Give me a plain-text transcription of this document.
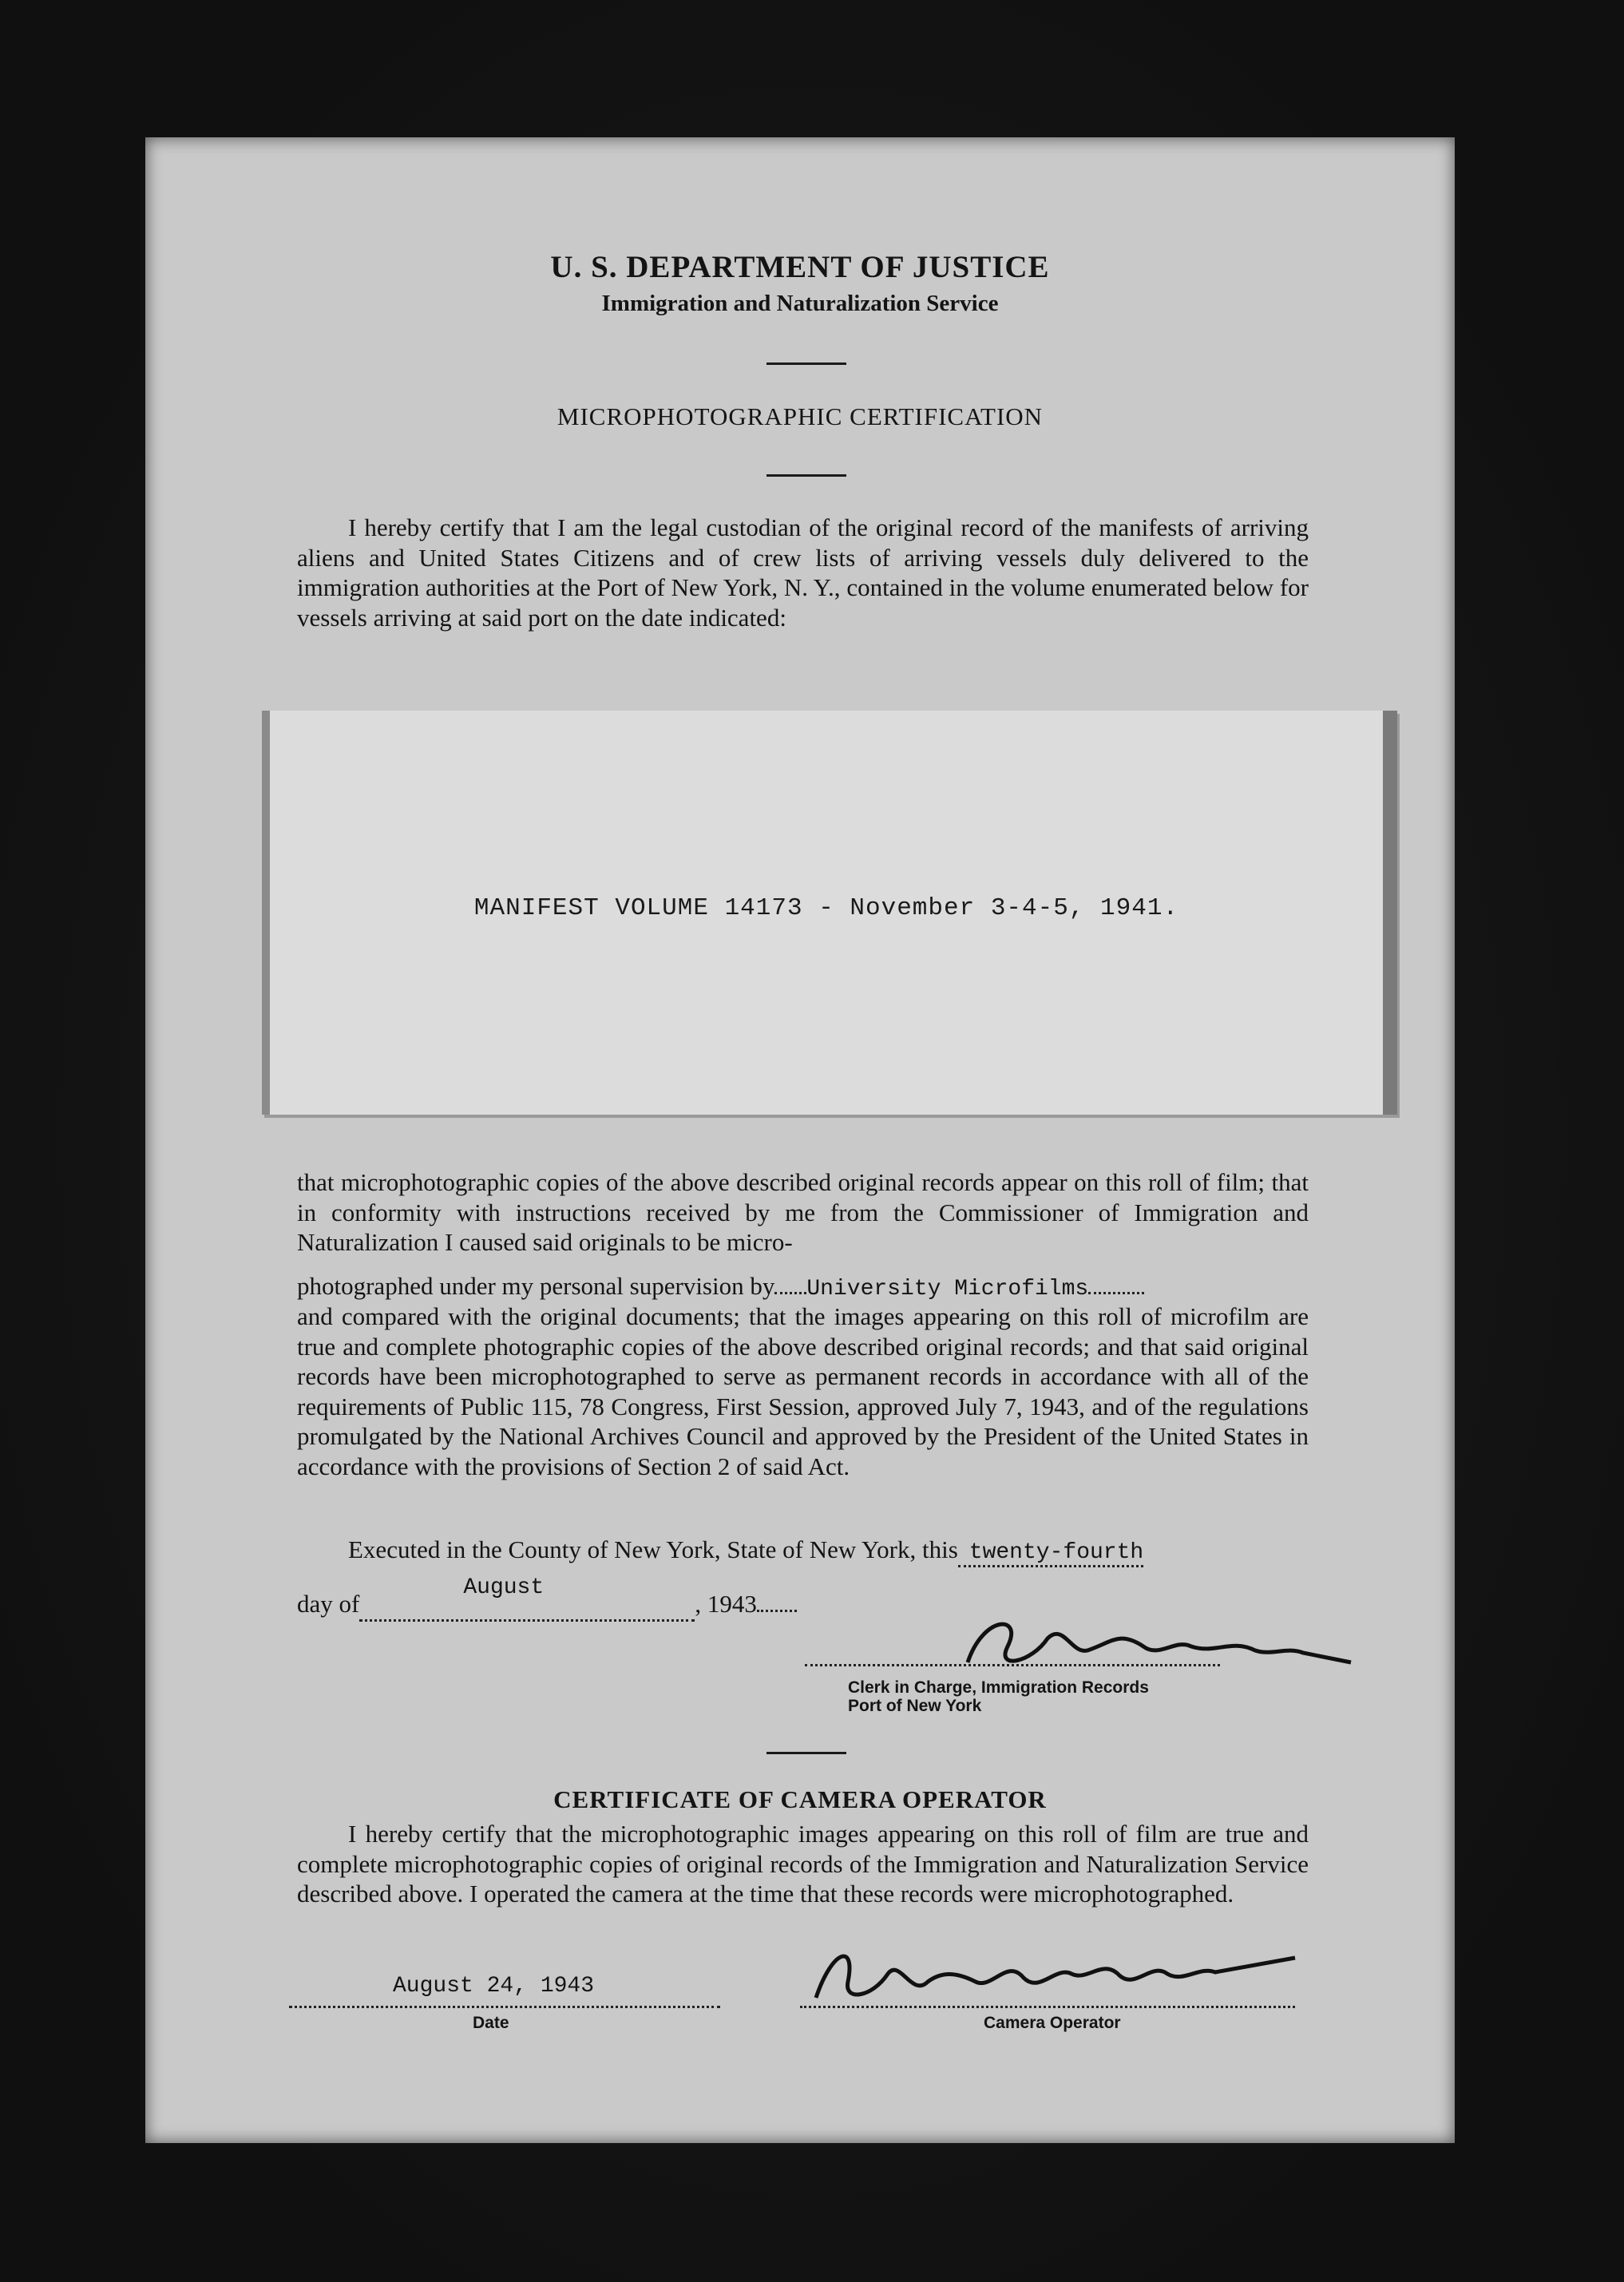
U. S. DEPARTMENT OF JUSTICE
Immigration and Naturalization Service
MICROPHOTOGRAPHIC CERTIFICATION
I hereby certify that I am the legal custodian of the original record of the manifests of arriving aliens and United States Citizens and of crew lists of arriving vessels duly delivered to the immigration authorities at the Port of New York, N. Y., contained in the volume enumerated below for vessels arriving at said port on the date indicated:
MANIFEST VOLUME 14173 - November 3-4-5, 1941.
that microphotographic copies of the above described original records appear on this roll of film; that in conformity with instructions received by me from the Commissioner of Immigration and Naturalization I caused said originals to be micro-
photographed under my personal supervision by University Microfilms
and compared with the original documents; that the images appearing on this roll of microfilm are true and complete photographic copies of the above described original records; and that said original records have been microphotographed to serve as permanent records in accordance with all of the requirements of Public 115, 78 Congress, First Session, approved July 7, 1943, and of the regulations promulgated by the National Archives Council and approved by the President of the United States in accordance with the provisions of Section 2 of said Act.
Executed in the County of New York, State of New York, this twenty-fourth
day of
August
, 1943
Clerk in Charge, Immigration Records
Port of New York
CERTIFICATE OF CAMERA OPERATOR
I hereby certify that the microphotographic images appearing on this roll of film are true and complete microphotographic copies of original records of the Immigration and Naturalization Service described above. I operated the camera at the time that these records were microphotographed.
August 24, 1943
Date	Camera Operator
